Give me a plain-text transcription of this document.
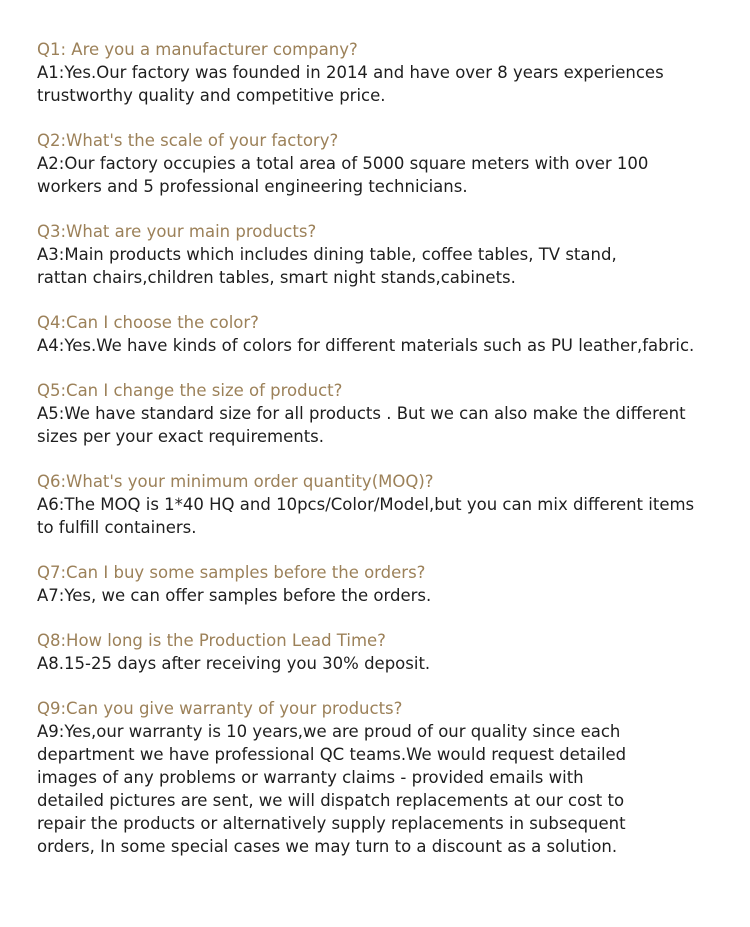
Q1: Are you a manufacturer company?
A1:Yes.Our factory was founded in 2014 and have over 8 years experiences
trustworthy quality and competitive price.
Q2:What's the scale of your factory?
A2:Our factory occupies a total area of 5000 square meters with over 100
workers and 5 professional engineering technicians.
Q3:What are your main products?
A3:Main products which includes dining table, coffee tables, TV stand,
rattan chairs,children tables, smart night stands,cabinets.
Q4:Can I choose the color?
A4:Yes.We have kinds of colors for different materials such as PU leather,fabric.
Q5:Can I change the size of product?
A5:We have standard size for all products . But we can also make the different
sizes per your exact requirements.
Q6:What's your minimum order quantity(MOQ)?
A6:The MOQ is 1*40 HQ and 10pcs/Color/Model,but you can mix different items
to fulfill containers.
Q7:Can I buy some samples before the orders?
A7:Yes, we can offer samples before the orders.
Q8:How long is the Production Lead Time?
A8.15-25 days after receiving you 30% deposit.
Q9:Can you give warranty of your products?
A9:Yes,our warranty is 10 years,we are proud of our quality since each
department we have professional QC teams.We would request detailed
images of any problems or warranty claims - provided emails with
detailed pictures are sent, we will dispatch replacements at our cost to
repair the products or alternatively supply replacements in subsequent
orders, In some special cases we may turn to a discount as a solution.
